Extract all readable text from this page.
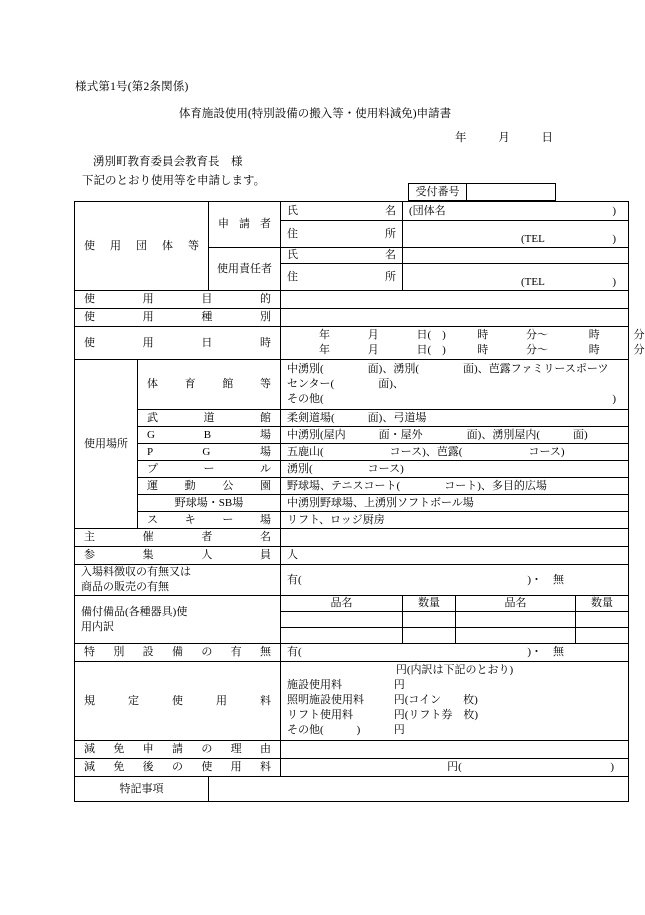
様式第1号(第2条関係)
体育施設使用(特別設備の搬入等・使用料減免)申請書
年	月	日
湧別町教育委員会教育長　様
下記のとおり使用等を申請します。
受付番号
使用団体等		申請者	氏名	(団体名 )		

			住所	(TEL )		

		使用責任者	氏名			
			住所	(TEL )		

使用目的						
使用種別						
使用日時			年 月 日(　) 時 分〜 時 分
年 月 日(　) 時 分〜 時 分			

使用場所	体育館等		中湧別(　　　　面)、湧別(　　　　面)、芭露ファミリースポーツ
センター(　　　　面)、
その他( )			

	武道館		柔剣道場(　　　面)、弓道場			
	G　B　場		中湧別(屋内　　　面・屋外　　　　面)、湧別屋内(　　　面)			
	P　G　場		五鹿山(　　　　　　コース)、芭露(　　　　　　コース)			
	プール		湧別(　　　　　コース)			
	運動公園		野球場、テニスコート(　　　　コート)、多目的広場			
	野球場・SB場		中湧別野球場、上湧別ソフトボール場			
	スキー場		リフト、ロッジ厨房			
主催者名						
参集人員			人			

入場料徴収の有無又は
商品の販売の有無			有( )・　無			

備付備品(各種器具)使
用内訳			品名	数量	品名	数量

特別設備の有無			有( )・　無			

規定使用料			円(内訳は下記のとおり)
施設使用料 円
照明施設使用料 円(コイン　　枚)
リフト使用料 円(リフト券　枚)
その他(　　　) 円			

減免申請の理由						
減免後の使用料			円( )			

特記事項						
